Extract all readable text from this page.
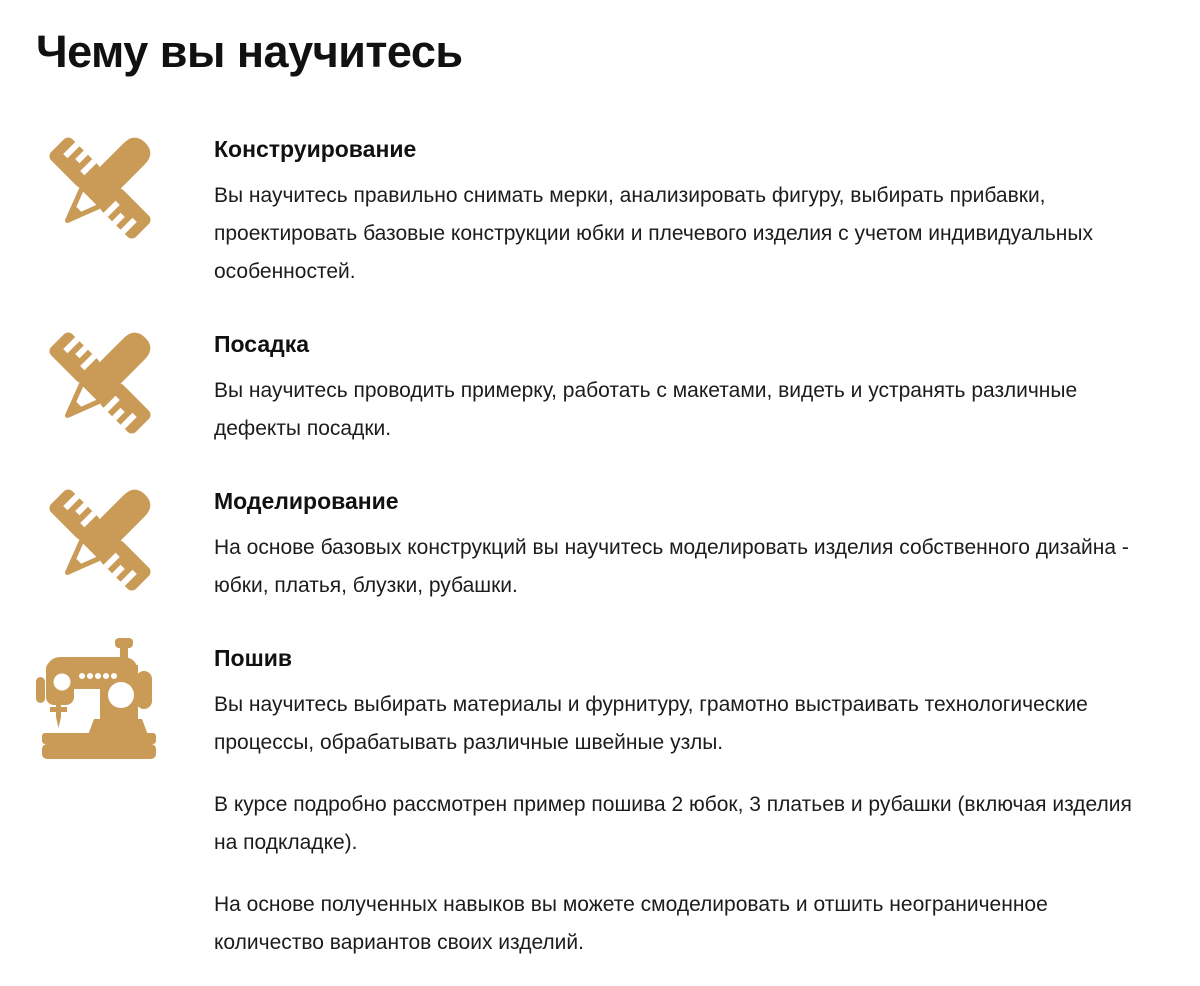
Чему вы научитесь
Конструирование

Вы научитесь правильно снимать мерки, анализировать фигуру, выбирать прибавки, проектировать базовые конструкции юбки и плечевого изделия с учетом индивидуальных особенностей.

Посадка

Вы научитесь проводить примерку, работать с макетами, видеть и устранять различные дефекты посадки.

Моделирование

На основе базовых конструкций вы научитесь моделировать изделия собственного дизайна - юбки, платья, блузки, рубашки.

Пошив

Вы научитесь выбирать материалы и фурнитуру, грамотно выстраивать технологические процессы, обрабатывать различные швейные узлы.

В курсе подробно рассмотрен пример пошива 2 юбок, 3 платьев и рубашки (включая изделия на подкладке).

На основе полученных навыков вы можете смоделировать и отшить неограниченное количество вариантов своих изделий.
